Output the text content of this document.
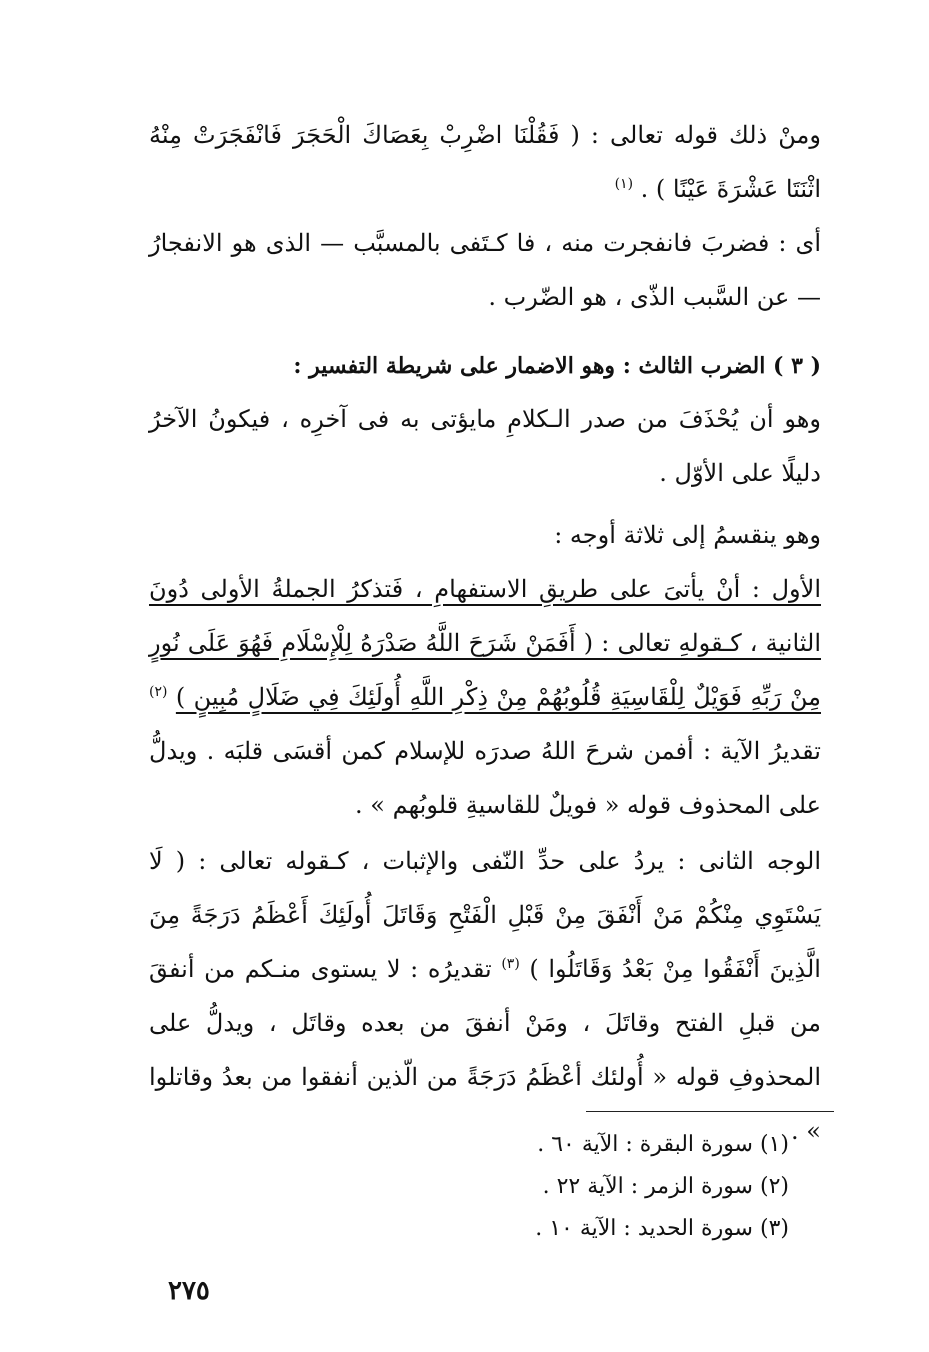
ومنْ ذلك قوله تعالى : ( فَقُلْنَا اضْرِبْ بِعَصَاكَ الْحَجَرَ فَانْفَجَرَتْ مِنْهُ اثْنَتَا عَشْرَةَ عَيْنًا ) . $^{(١)}$

أى : فضربَ فانفجرت منه ، فا كـتَفى بالمسبَّب — الذى هو الانفجارُ — عن السَّبب الذّى ، هو الضّرب .

( ٣ ) الضرب الثالث : وهو الاضمار على شريطة التفسير :

وهو أن يُحْذَفَ من صدر الـكلامِ مايؤتى به فى آخرِه ، فيكونُ الآخرُ دليلًا على الأوّل .

وهو ينقسمُ إلى ثلاثة أوجه :

الأول : أنْ يأتىَ على طريقِ الاستفهامِ ، فَتذكرُ الجملةُ الأولى دُونَ الثانية ، كـقولهِ تعالى : ( أَفَمَنْ شَرَحَ اللَّهُ صَدْرَهُ لِلْإِسْلَامِ فَهُوَ عَلَى نُورٍ مِنْ رَبِّهِ فَوَيْلٌ لِلْقَاسِيَةِ قُلُوبُهُمْ مِنْ ذِكْرِ اللَّهِ أُولَئِكَ فِي ضَلَالٍ مُبِينٍ ) $^{(٢)}$ تقديرُ الآية : أفمن شرحَ اللهُ صدرَه للإسلام كمن أقسَى قلبَه . ويدلُّ على المحذوف قوله « فويلٌ للقاسيةِ قلوبُهم » .

الوجه الثانى : يردُ على حدِّ النّفى والإثبات ، كـقوله تعالى : ( لَا يَسْتَوِي مِنْكُمْ مَنْ أَنْفَقَ مِنْ قَبْلِ الْفَتْحِ وَقَاتَلَ أُولَئِكَ أَعْظَمُ دَرَجَةً مِنَ الَّذِينَ أَنْفَقُوا مِنْ بَعْدُ وَقَاتَلُوا ) $^{(٣)}$ تقديرُه : لا يستوى منـكم من أنفقَ من قبلِ الفتح وقاتَلَ ، ومَنْ أنفقَ من بعده وقاتَل ، ويدلُّ على المحذوفِ قوله « أُولئك أعْظَمُ دَرَجَةً من الّذين أنفقوا من بعدُ وقاتلوا » .

(١) سورة البقرة : الآية ٦٠ .
(٢) سورة الزمر : الآية ٢٢ .
(٣) سورة الحديد : الآية ١٠ .
٢٧٥
